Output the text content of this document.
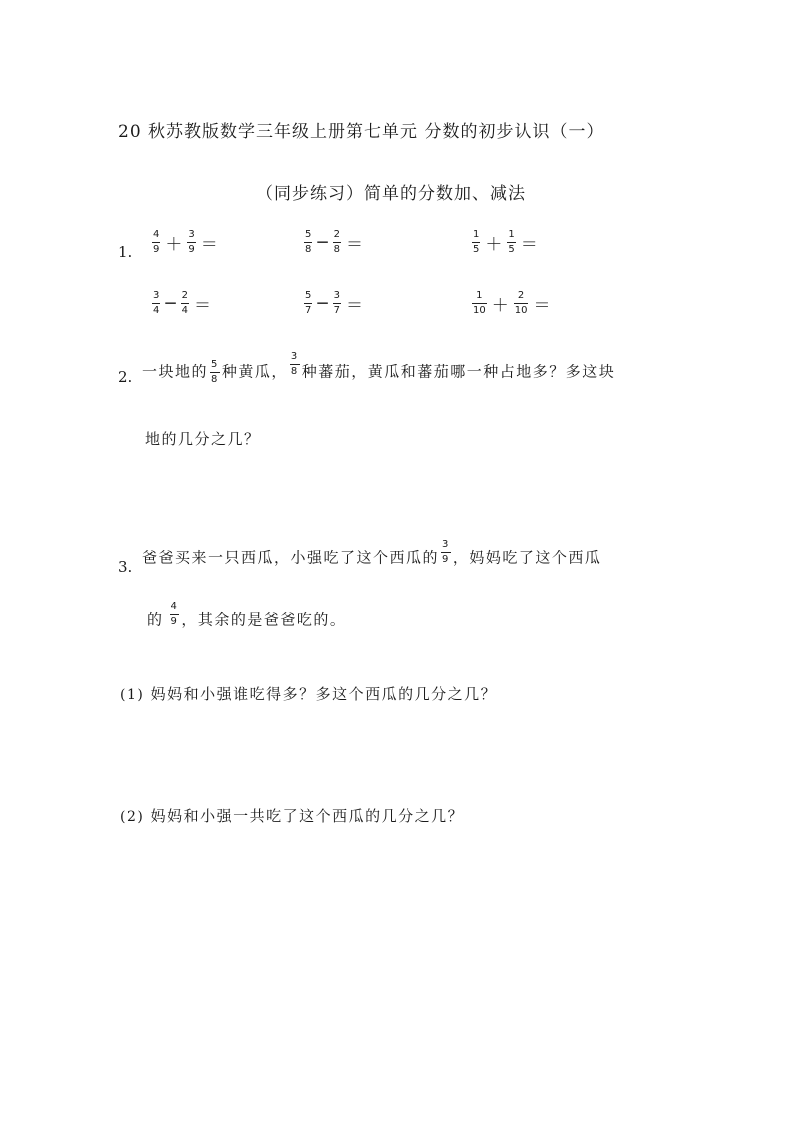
20 秋苏教版数学三年级上册第七单元 分数的初步认识（一）
（同步练习）简单的分数加、减法
1. $\frac{4}{9} + \frac{3}{9}$ ＝	$\frac{5}{8}$ ─ $\frac{2}{8}$ ＝	$\frac{1}{5} + \frac{1}{5}$ ＝
$\frac{3}{4}$ ─ $\frac{2}{4}$ ＝	$\frac{5}{7}$ ─ $\frac{3}{7}$ ＝	$\frac{1}{10} + \frac{2}{10}$ ＝
2. 一块地的 $\frac{5}{8}$ 种黄瓜， $\frac{3}{8}$ 种蕃茄，黄瓜和蕃茄哪一种占地多？多这块
地的几分之几？
3.
爸爸买来一只西瓜，小强吃了这个西瓜的 $\frac{3}{9}$ ，妈妈吃了这个西瓜
的 $\frac{4}{9}$ ，其余的是爸爸吃的。
(1) 妈妈和小强谁吃得多？多这个西瓜的几分之几？
(2) 妈妈和小强一共吃了这个西瓜的几分之几？
